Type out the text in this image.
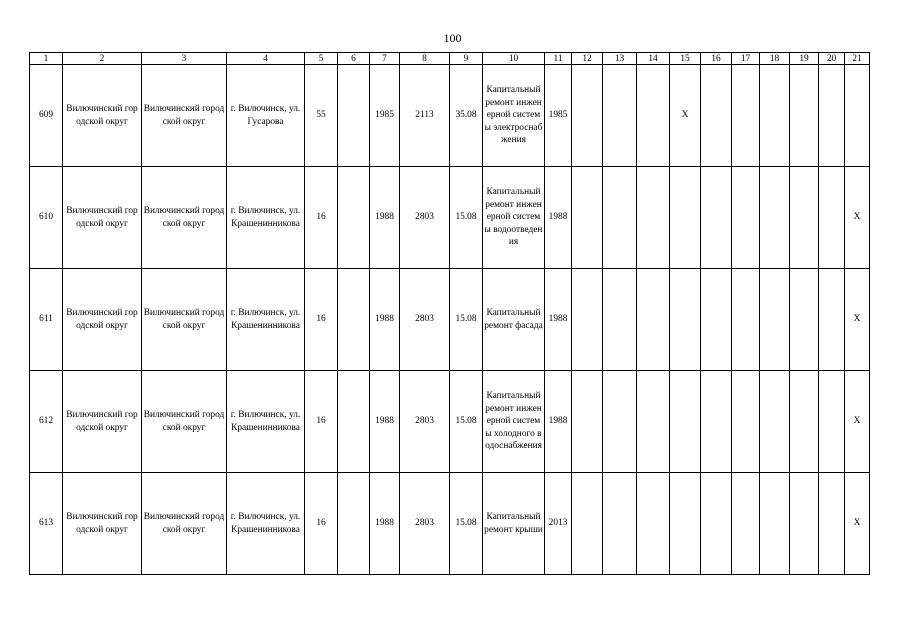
100
1	2	3	4	5	6	7	8	9	10	11	12	13	14	15	16	17	18	19	20	21
609	Вилючинский городской округ	Вилючинский городской округ	г. Вилючинск, ул. Гусарова	55		1985	2113	35.08	Капитальный ремонт инженерной системы электроснабжения	1985				X						
610	Вилючинский городской округ	Вилючинский городской округ	г. Вилючинск, ул. Крашенинникова	16		1988	2803	15.08	Капитальный ремонт инженерной системы водоотведения	1988										X
611	Вилючинский городской округ	Вилючинский городской округ	г. Вилючинск, ул. Крашенинникова	16		1988	2803	15.08	Капитальный ремонт фасада	1988										X
612	Вилючинский городской округ	Вилючинский городской округ	г. Вилючинск, ул. Крашенинникова	16		1988	2803	15.08	Капитальный ремонт инженерной системы холодного водоснабжения	1988										X
613	Вилючинский городской округ	Вилючинский городской округ	г. Вилючинск, ул. Крашенинникова	16		1988	2803	15.08	Капитальный ремонт крыши	2013										X
